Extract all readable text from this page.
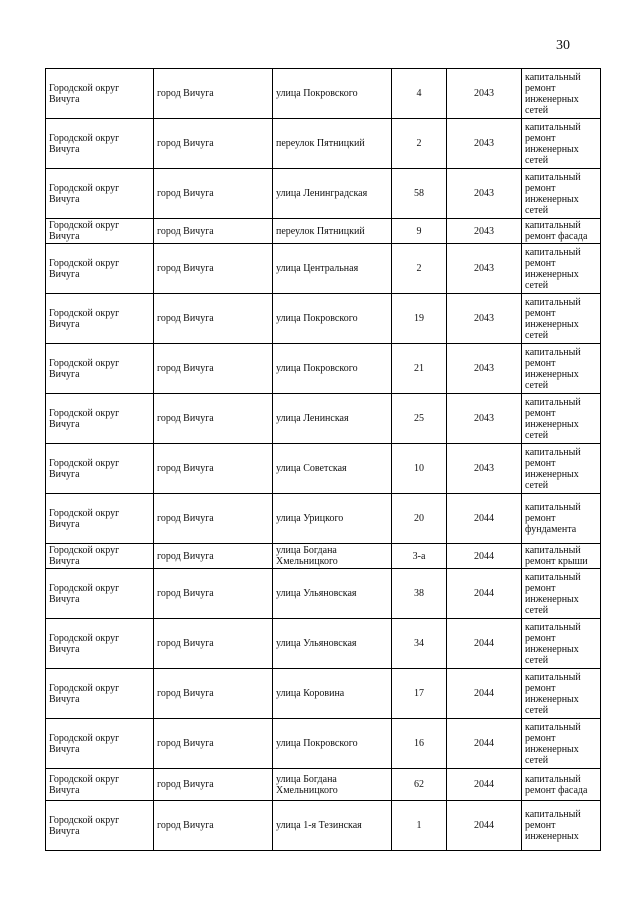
30
Городской округ Вичуга	город Вичуга	улица Покровского	4	2043	капитальный ремонт инженерных сетей
Городской округ Вичуга	город Вичуга	переулок Пятницкий	2	2043	капитальный ремонт инженерных сетей
Городской округ Вичуга	город Вичуга	улица Ленинградская	58	2043	капитальный ремонт инженерных сетей
Городской округ Вичуга	город Вичуга	переулок Пятницкий	9	2043	капитальный ремонт фасада
Городской округ Вичуга	город Вичуга	улица Центральная	2	2043	капитальный ремонт инженерных сетей
Городской округ Вичуга	город Вичуга	улица Покровского	19	2043	капитальный ремонт инженерных сетей
Городской округ Вичуга	город Вичуга	улица Покровского	21	2043	капитальный ремонт инженерных сетей
Городской округ Вичуга	город Вичуга	улица Ленинская	25	2043	капитальный ремонт инженерных сетей
Городской округ Вичуга	город Вичуга	улица Советская	10	2043	капитальный ремонт инженерных сетей
Городской округ Вичуга	город Вичуга	улица Урицкого	20	2044	капитальный ремонт фундамента
Городской округ Вичуга	город Вичуга	улица Богдана Хмельницкого	3-а	2044	капитальный ремонт крыши
Городской округ Вичуга	город Вичуга	улица Ульяновская	38	2044	капитальный ремонт инженерных сетей
Городской округ Вичуга	город Вичуга	улица Ульяновская	34	2044	капитальный ремонт инженерных сетей
Городской округ Вичуга	город Вичуга	улица Коровина	17	2044	капитальный ремонт инженерных сетей
Городской округ Вичуга	город Вичуга	улица Покровского	16	2044	капитальный ремонт инженерных сетей
Городской округ Вичуга	город Вичуга	улица Богдана Хмельницкого	62	2044	капитальный ремонт фасада
Городской округ Вичуга	город Вичуга	улица 1-я Тезинская	1	2044	капитальный ремонт инженерных
